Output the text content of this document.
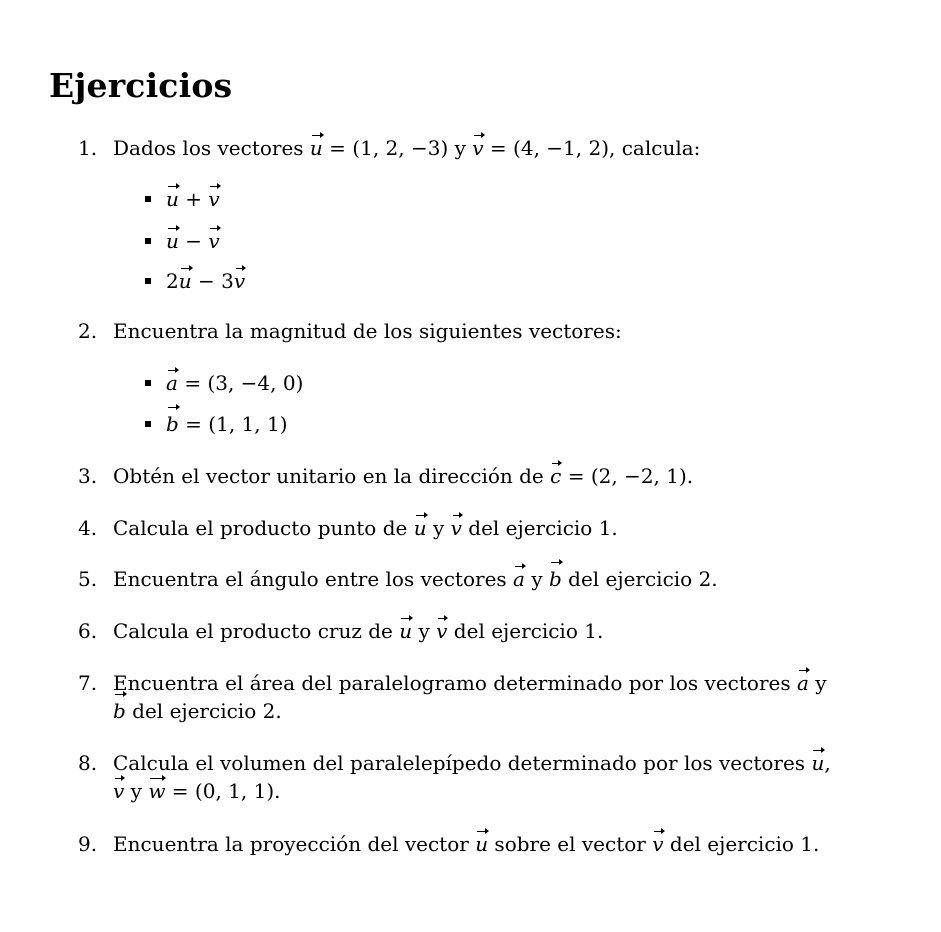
Ejercicios
1. Dados los vectores u = (1, 2, −3) y v = (4, −1, 2), calcula:
u + v
u − v
2u − 3v
2. Encuentra la magnitud de los siguientes vectores:
a = (3, −4, 0)
b = (1, 1, 1)
3. Obtén el vector unitario en la dirección de c = (2, −2, 1).
4. Calcula el producto punto de u y v del ejercicio 1.
5. Encuentra el ángulo entre los vectores a y b del ejercicio 2.
6. Calcula el producto cruz de u y v del ejercicio 1.
7. Encuentra el área del paralelogramo determinado por los vectores a y
b del ejercicio 2.
8. Calcula el volumen del paralelepípedo determinado por los vectores u,
v y w = (0, 1, 1).
9. Encuentra la proyección del vector u sobre el vector v del ejercicio 1.
